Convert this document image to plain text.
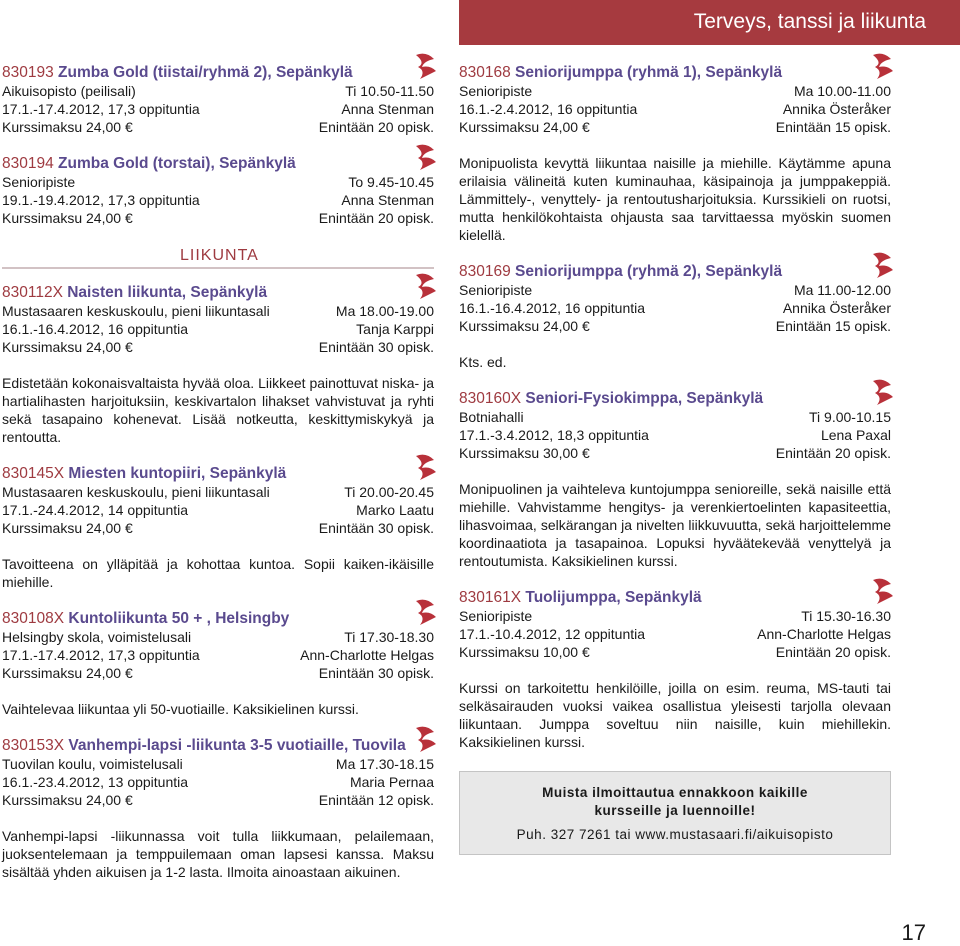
Terveys, tanssi ja liikunta

830193 Zumba Gold (tiistai/ryhmä 2), Sepänkylä

Aikuisopisto (peilisali)	Ti 10.50-11.50
17.1.-17.4.2012, 17,3 oppituntia	Anna Stenman
Kurssimaksu 24,00 €	Enintään 20 opisk.

830194 Zumba Gold (torstai), Sepänkylä

Senioripiste	To 9.45-10.45
19.1.-19.4.2012, 17,3 oppituntia	Anna Stenman
Kurssimaksu 24,00 €	Enintään 20 opisk.
LIIKUNTA

830112X Naisten liikunta, Sepänkylä

Mustasaaren keskuskoulu, pieni liikuntasali	Ma 18.00-19.00
16.1.-16.4.2012, 16 oppituntia	Tanja Karppi
Kurssimaksu 24,00 €	Enintään 30 opisk.

Edistetään kokonaisvaltaista hyvää oloa. Liikkeet painottuvat niska- ja hartialihasten harjoituksiin, keskivartalon lihakset vahvistuvat ja ryhti sekä tasapaino kohenevat. Lisää notkeutta, keskittymiskykyä ja rentoutta.

830145X Miesten kuntopiiri, Sepänkylä

Mustasaaren keskuskoulu, pieni liikuntasali	Ti 20.00-20.45
17.1.-24.4.2012, 14 oppituntia	Marko Laatu
Kurssimaksu 24,00 €	Enintään 30 opisk.

Tavoitteena on ylläpitää ja kohottaa kuntoa. Sopii kaiken-ikäisille miehille.

830108X Kuntoliikunta 50 + , Helsingby

Helsingby skola, voimistelusali	Ti 17.30-18.30
17.1.-17.4.2012, 17,3 oppituntia	Ann-Charlotte Helgas
Kurssimaksu 24,00 €	Enintään 30 opisk.

Vaihtelevaa liikuntaa yli 50-vuotiaille. Kaksikielinen kurssi.

830153X Vanhempi-lapsi -liikunta 3-5 vuotiaille, Tuovila

Tuovilan koulu, voimistelusali	Ma 17.30-18.15
16.1.-23.4.2012, 13 oppituntia	Maria Pernaa
Kurssimaksu 24,00 €	Enintään 12 opisk.

Vanhempi-lapsi -liikunnassa voit tulla liikkumaan, pelailemaan, juoksentelemaan ja temppuilemaan oman lapsesi kanssa. Maksu sisältää yhden aikuisen ja 1-2 lasta. Ilmoita ainoastaan aikuinen.

830168 Seniorijumppa (ryhmä 1), Sepänkylä

Senioripiste	Ma 10.00-11.00
16.1.-2.4.2012, 16 oppituntia	Annika Österåker
Kurssimaksu 24,00 €	Enintään 15 opisk.

Monipuolista kevyttä liikuntaa naisille ja miehille. Käytämme apuna erilaisia välineitä kuten kuminauhaa, käsipainoja ja jumppakeppiä. Lämmittely-, venyttely- ja rentoutusharjoituksia. Kurssikieli on ruotsi, mutta henkilökohtaista ohjausta saa tarvittaessa myöskin suomen kielellä.

830169 Seniorijumppa (ryhmä 2), Sepänkylä

Senioripiste	Ma 11.00-12.00
16.1.-16.4.2012, 16 oppituntia	Annika Österåker
Kurssimaksu 24,00 €	Enintään 15 opisk.

Kts. ed.

830160X Seniori-Fysiokimppa, Sepänkylä

Botniahalli	Ti 9.00-10.15
17.1.-3.4.2012, 18,3 oppituntia	Lena Paxal
Kurssimaksu 30,00 €	Enintään 20 opisk.

Monipuolinen ja vaihteleva kuntojumppa senioreille, sekä naisille että miehille. Vahvistamme hengitys- ja verenkiertoelinten kapasiteettia, lihasvoimaa, selkärangan ja nivelten liikkuvuutta, sekä harjoittelemme koordinaatiota ja tasapainoa. Lopuksi hyväätekevää venyttelyä ja rentoutumista. Kaksikielinen kurssi.

830161X Tuolijumppa, Sepänkylä

Senioripiste	Ti 15.30-16.30
17.1.-10.4.2012, 12 oppituntia	Ann-Charlotte Helgas
Kurssimaksu 10,00 €	Enintään 20 opisk.

Kurssi on tarkoitettu henkilöille, joilla on esim. reuma, MS-tauti tai selkäsairauden vuoksi vaikea osallistua yleisesti tarjolla olevaan liikuntaan. Jumppa soveltuu niin naisille, kuin miehillekin. Kaksikielinen kurssi.

Muista ilmoittautua ennakkoon kaikille
kursseille ja luennoille!
Puh. 327 7261 tai www.mustasaari.fi/aikuisopisto
17
